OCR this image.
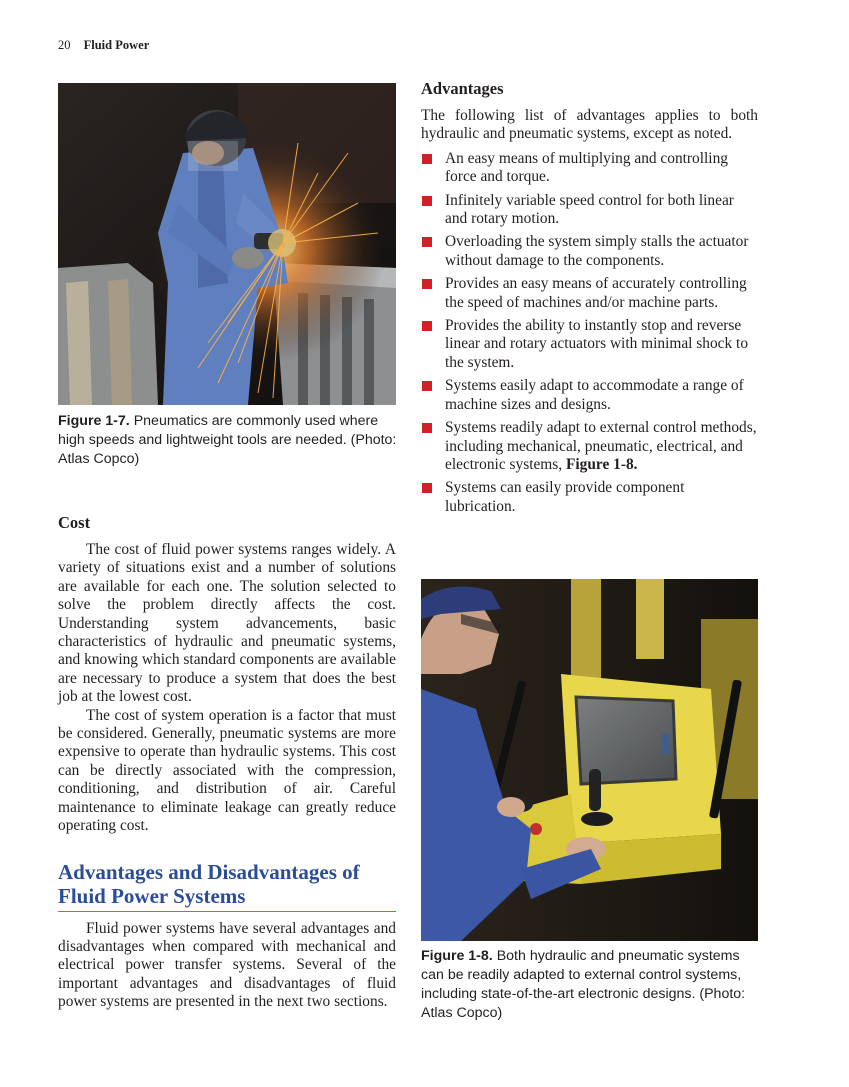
20 Fluid Power
Figure 1-7. Pneumatics are commonly used where high speeds and lightweight tools are needed. (Photo: Atlas Copco)
Cost

The cost of fluid power systems ranges widely. A variety of situations exist and a number of solutions are available for each one. The solution selected to solve the problem directly affects the cost. Understanding system advancements, basic characteristics of hydraulic and pneumatic systems, and knowing which standard components are available are necessary to produce a system that does the best job at the lowest cost.

The cost of system operation is a factor that must be considered. Generally, pneumatic systems are more expensive to operate than hydraulic systems. This cost can be directly associated with the compression, conditioning, and distribution of air. Careful maintenance to eliminate leakage can greatly reduce operating cost.

Advantages and Disadvantages of Fluid Power Systems

Fluid power systems have several advantages and disadvantages when compared with mechanical and electrical power transfer systems. Several of the important advantages and disadvantages of fluid power systems are presented in the next two sections.

Advantages

The following list of advantages applies to both hydraulic and pneumatic systems, except as noted.

An easy means of multiplying and controlling force and torque.
Infinitely variable speed control for both linear and rotary motion.
Overloading the system simply stalls the actuator without damage to the components.
Provides an easy means of accurately controlling the speed of machines and/or machine parts.
Provides the ability to instantly stop and reverse linear and rotary actuators with minimal shock to the system.
Systems easily adapt to accommodate a range of machine sizes and designs.
Systems readily adapt to external control methods, including mechanical, pneumatic, electrical, and electronic systems, Figure 1-8.
Systems can easily provide component lubrication.
Figure 1-8. Both hydraulic and pneumatic systems can be readily adapted to external control systems, including state-of-the-art electronic designs. (Photo: Atlas Copco)
